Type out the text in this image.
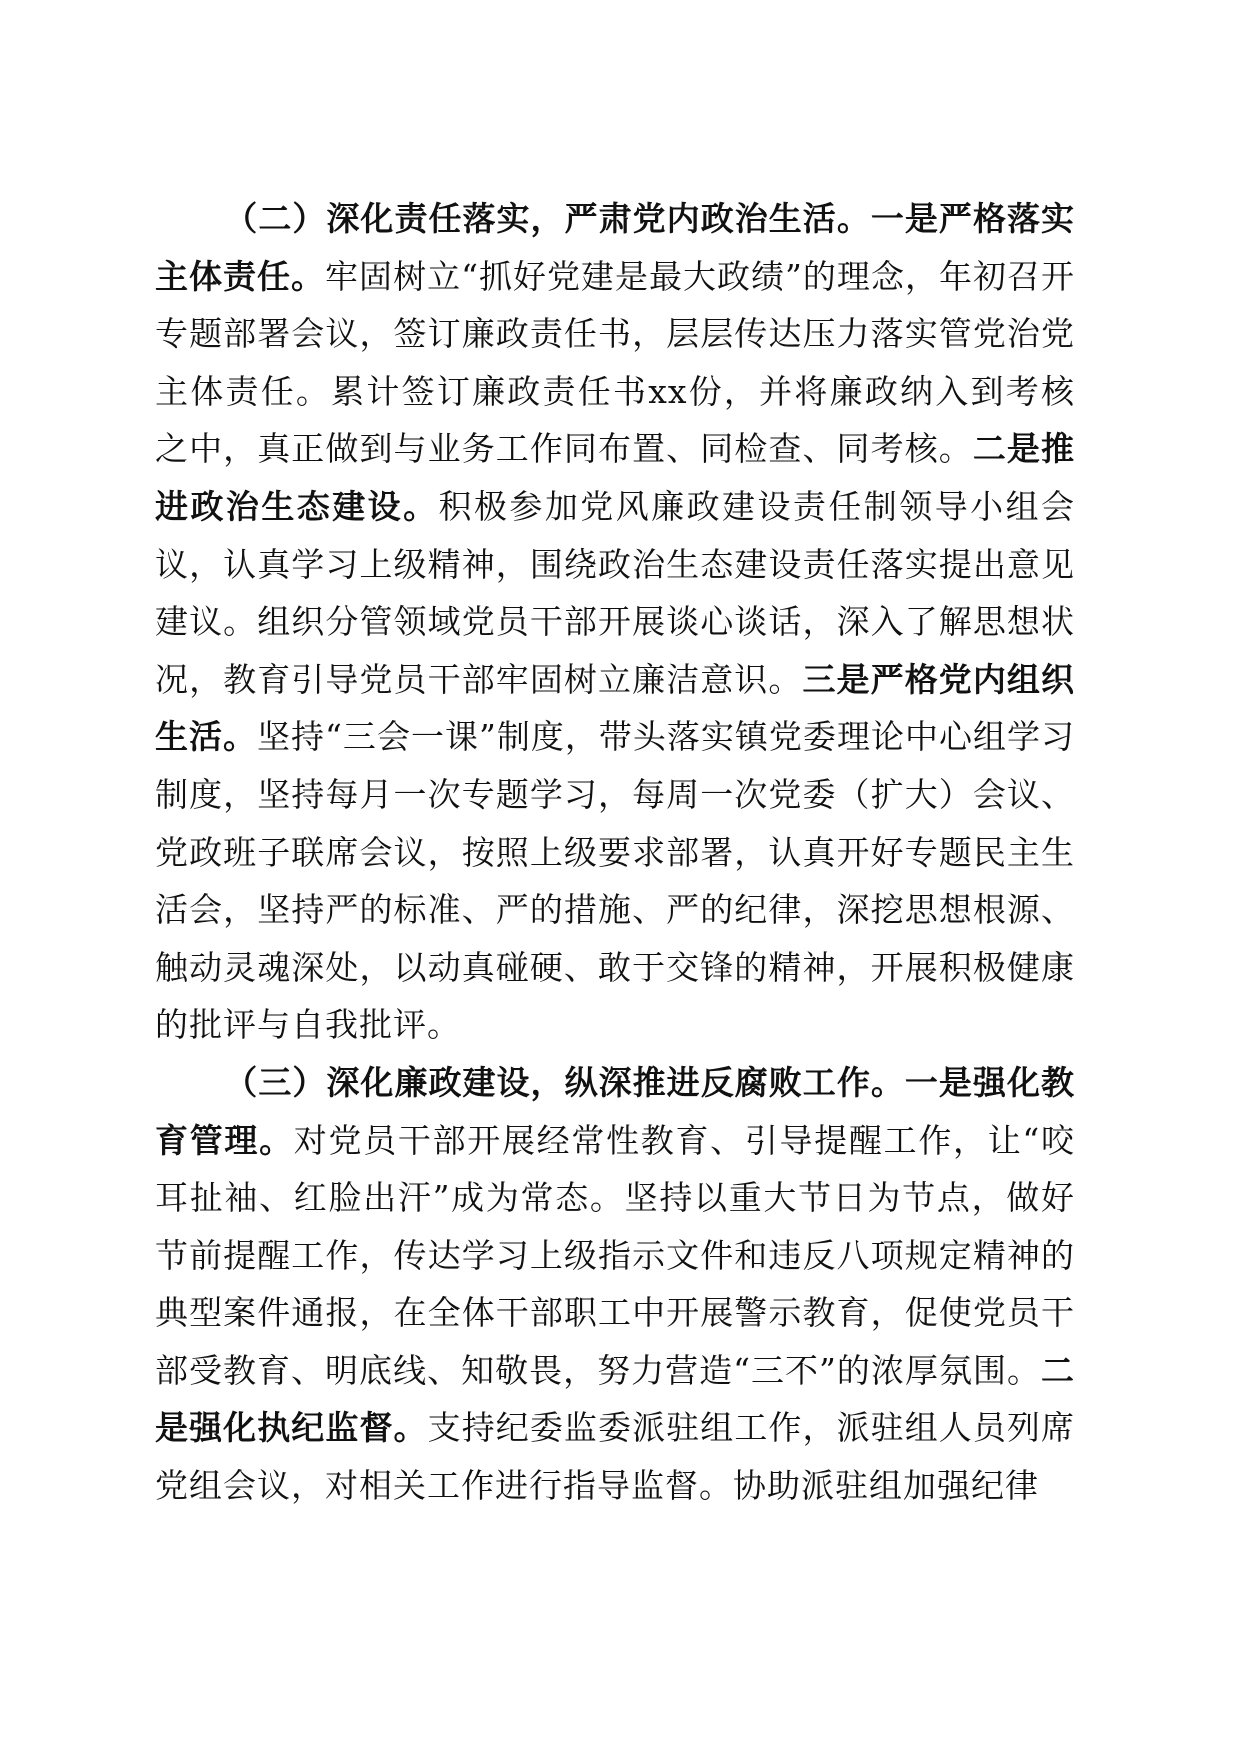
（二）深化责任落实，严肃党内政治生活。一是严格落实主体责任。牢固树立“抓好党建是最大政绩”的理念，年初召开专题部署会议，签订廉政责任书，层层传达压力落实管党治党主体责任。累计签订廉政责任书xx份，并将廉政纳入到考核之中，真正做到与业务工作同布置、同检查、同考核。二是推进政治生态建设。积极参加党风廉政建设责任制领导小组会议，认真学习上级精神，围绕政治生态建设责任落实提出意见建议。组织分管领域党员干部开展谈心谈话，深入了解思想状况，教育引导党员干部牢固树立廉洁意识。三是严格党内组织生活。坚持“三会一课”制度，带头落实镇党委理论中心组学习制度，坚持每月一次专题学习，每周一次党委（扩大）会议、党政班子联席会议，按照上级要求部署，认真开好专题民主生活会，坚持严的标准、严的措施、严的纪律，深挖思想根源、触动灵魂深处，以动真碰硬、敢于交锋的精神，开展积极健康的批评与自我批评。

（三）深化廉政建设，纵深推进反腐败工作。一是强化教育管理。对党员干部开展经常性教育、引导提醒工作，让“咬耳扯袖、红脸出汗”成为常态。坚持以重大节日为节点，做好节前提醒工作，传达学习上级指示文件和违反八项规定精神的典型案件通报，在全体干部职工中开展警示教育，促使党员干部受教育、明底线、知敬畏，努力营造“三不”的浓厚氛围。二是强化执纪监督。支持纪委监委派驻组工作，派驻组人员列席党组会议，对相关工作进行指导监督。协助派驻组加强纪律
